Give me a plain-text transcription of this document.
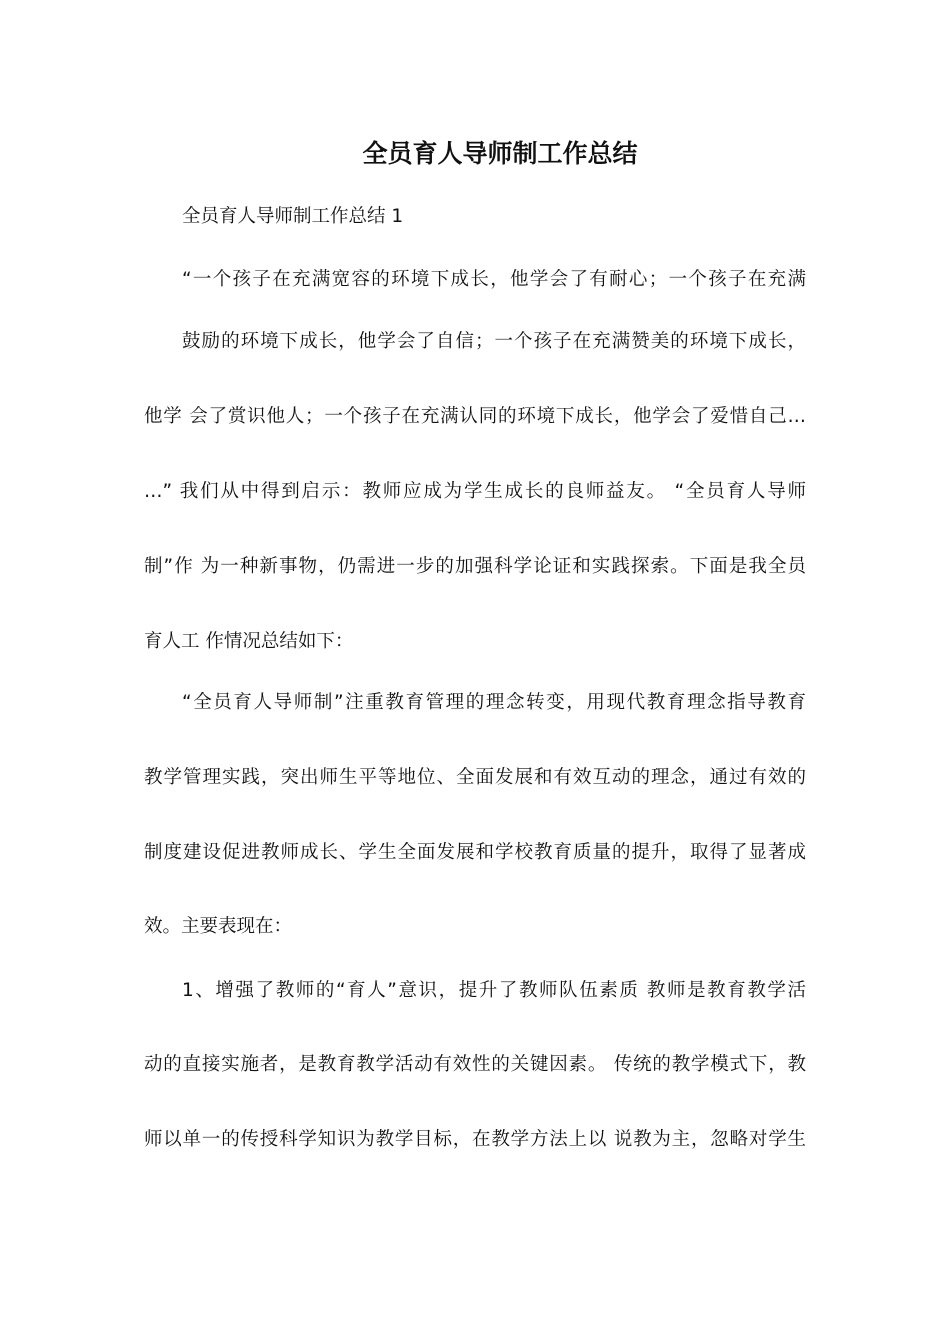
全员育人导师制工作总结
全员育人导师制工作总结 1
“一个孩子在充满宽容的环境下成长，他学会了有耐心；一个孩子在充满
鼓励的环境下成长，他学会了自信；一个孩子在充满赞美的环境下成长，
他学 会了赏识他人；一个孩子在充满认同的环境下成长，他学会了爱惜自己…
…” 我们从中得到启示：教师应成为学生成长的良师益友。 “全员育人导师
制”作 为一种新事物，仍需进一步的加强科学论证和实践探索。下面是我全员
育人工 作情况总结如下：
“全员育人导师制”注重教育管理的理念转变，用现代教育理念指导教育
教学管理实践，突出师生平等地位、全面发展和有效互动的理念，通过有效的
制度建设促进教师成长、学生全面发展和学校教育质量的提升，取得了显著成
效。主要表现在：
1、增强了教师的“育人”意识，提升了教师队伍素质 教师是教育教学活
动的直接实施者，是教育教学活动有效性的关键因素。 传统的教学模式下，教
师以单一的传授科学知识为教学目标，在教学方法上以 说教为主，忽略对学生
